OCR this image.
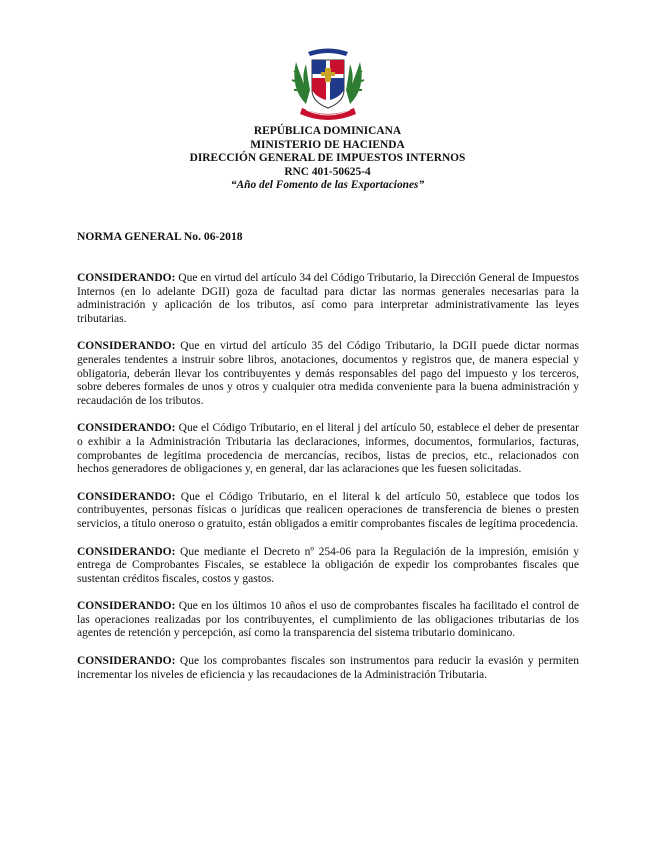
REPÚBLICA DOMINICANA
MINISTERIO DE HACIENDA
DIRECCIÓN GENERAL DE IMPUESTOS INTERNOS
RNC 401-50625-4
“Año del Fomento de las Exportaciones”
NORMA GENERAL No. 06-2018

CONSIDERANDO: Que en virtud del artículo 34 del Código Tributario, la Dirección General de Impuestos Internos (en lo adelante DGII) goza de facultad para dictar las normas generales necesarias para la administración y aplicación de los tributos, así como para interpretar administrativamente las leyes tributarias.

CONSIDERANDO: Que en virtud del artículo 35 del Código Tributario, la DGII puede dictar normas generales tendentes a instruir sobre libros, anotaciones, documentos y registros que, de manera especial y obligatoria, deberán llevar los contribuyentes y demás responsables del pago del impuesto y los terceros, sobre deberes formales de unos y otros y cualquier otra medida conveniente para la buena administración y recaudación de los tributos.

CONSIDERANDO: Que el Código Tributario, en el literal j del artículo 50, establece el deber de presentar o exhibir a la Administración Tributaria las declaraciones, informes, documentos, formularios, facturas, comprobantes de legítima procedencia de mercancías, recibos, listas de precios, etc., relacionados con hechos generadores de obligaciones y, en general, dar las aclaraciones que les fuesen solicitadas.

CONSIDERANDO: Que el Código Tributario, en el literal k del artículo 50, establece que todos los contribuyentes, personas físicas o jurídicas que realicen operaciones de transferencia de bienes o presten servicios, a título oneroso o gratuito, están obligados a emitir comprobantes fiscales de legítima procedencia.

CONSIDERANDO: Que mediante el Decreto nº 254-06 para la Regulación de la impresión, emisión y entrega de Comprobantes Fiscales, se establece la obligación de expedir los comprobantes fiscales que sustentan créditos fiscales, costos y gastos.

CONSIDERANDO: Que en los últimos 10 años el uso de comprobantes fiscales ha facilitado el control de las operaciones realizadas por los contribuyentes, el cumplimiento de las obligaciones tributarias de los agentes de retención y percepción, así como la transparencia del sistema tributario dominicano.

CONSIDERANDO: Que los comprobantes fiscales son instrumentos para reducir la evasión y permiten incrementar los niveles de eficiencia y las recaudaciones de la Administración Tributaria.
